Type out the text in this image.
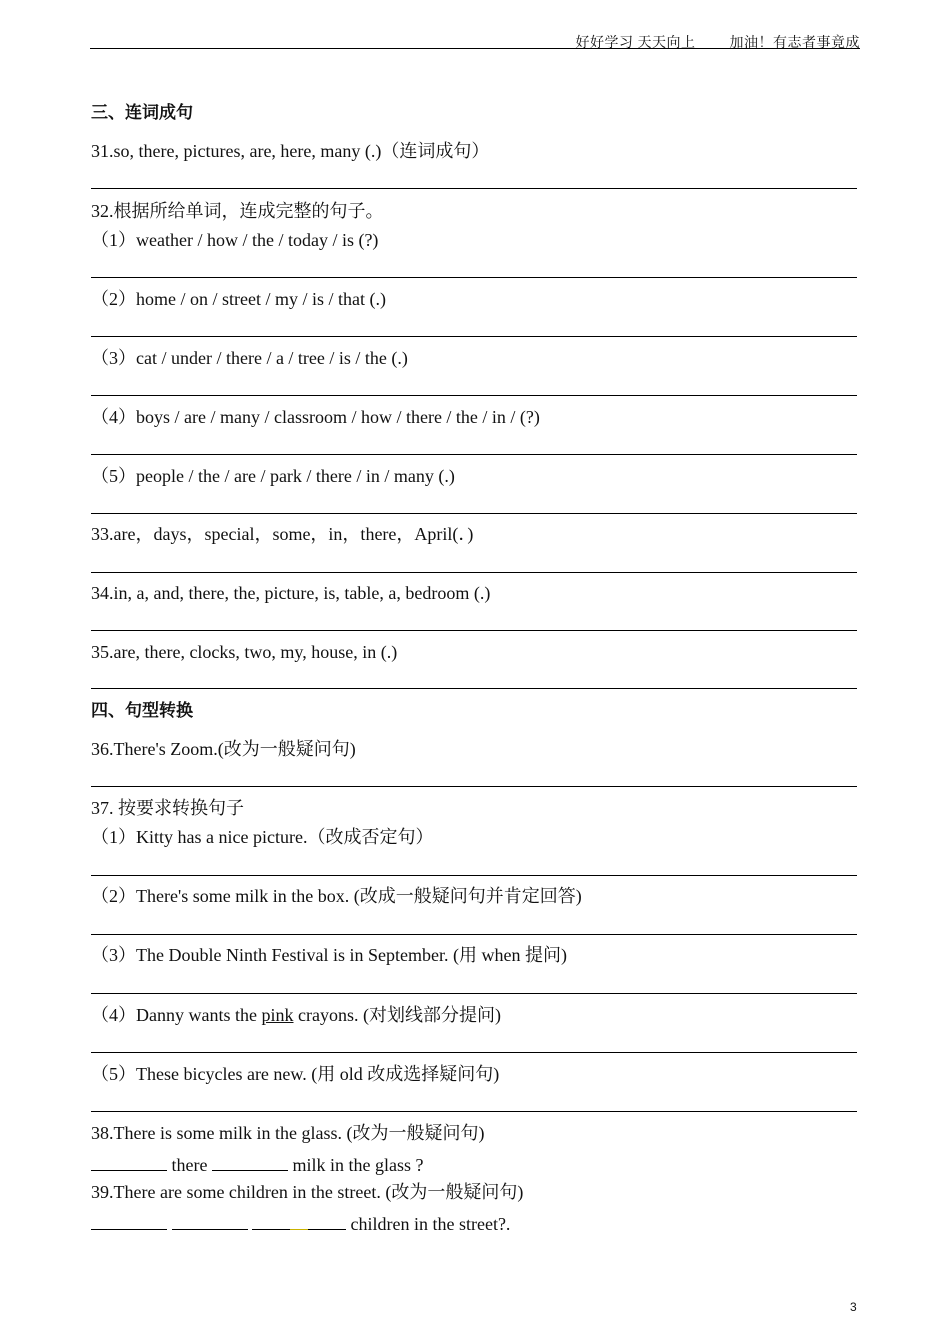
好好学习 天天向上 加油！有志者事竟成
三、连词成句
31.so, there, pictures, are, here, many (.)（连词成句）
32.根据所给单词，连成完整的句子。
（1）weather / how / the / today / is (?)
（2）home / on / street / my / is / that (.)
（3）cat / under / there / a / tree / is / the (.)
（4）boys / are / many / classroom / how / there / the / in / (?)
（5）people / the / are / park / there / in / many (.)
33.are，days，special，some，in，there，April(．)
34.in, a, and, there, the, picture, is, table, a, bedroom (.)
35.are, there, clocks, two, my, house, in (.)
四、句型转换
36.There's Zoom.(改为一般疑问句)
37. 按要求转换句子
（1）Kitty has a nice picture.（改成否定句）
（2）There's some milk in the box. (改成一般疑问句并肯定回答)
（3）The Double Ninth Festival is in September. (用 when 提问)
（4）Danny wants the pink crayons. (对划线部分提问)
（5）These bicycles are new. (用 old 改成选择疑问句)
38.There is some milk in the glass. (改为一般疑问句)
there	milk in the glass ?
39.There are some children in the street. (改为一般疑问句)

children in the street?.
3
